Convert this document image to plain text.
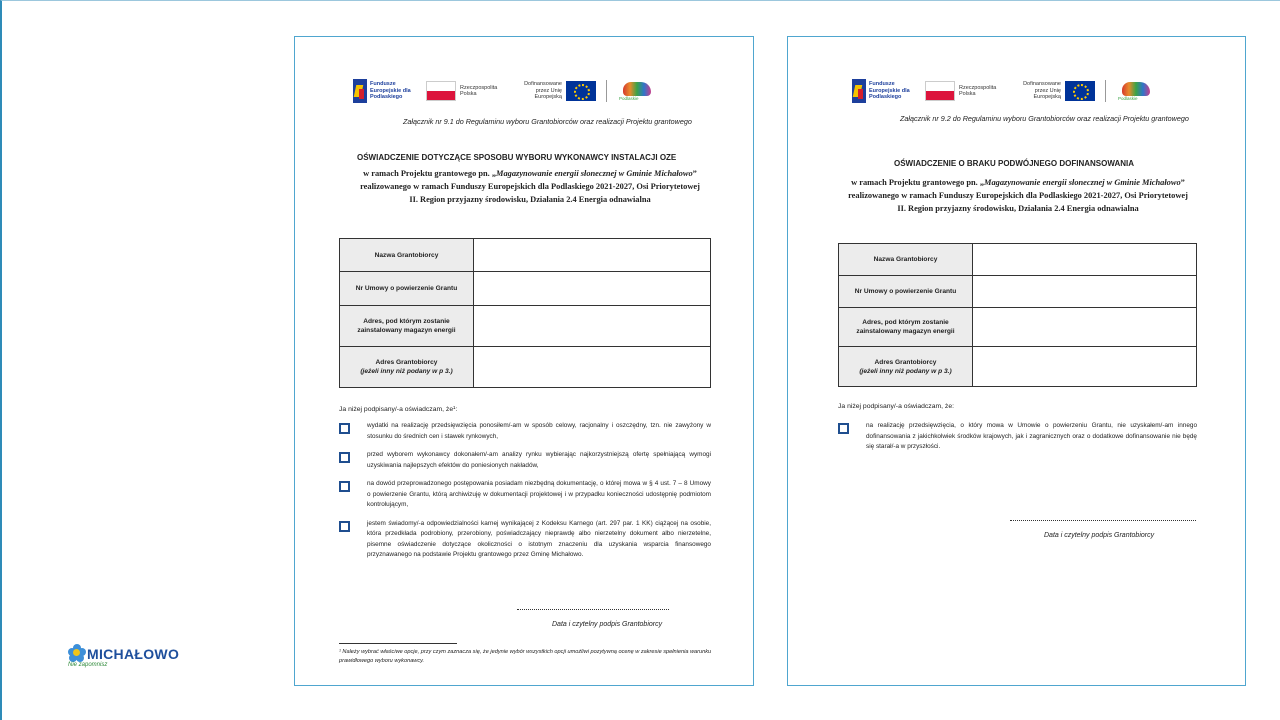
Fundusze Europejskie dla Podlaskiego
Rzeczpospolita Polska
Dofinansowane przez Unię Europejską	Podlaskie
Załącznik nr 9.1 do Regulaminu wyboru Grantobiorców oraz realizacji Projektu grantowego
OŚWIADCZENIE DOTYCZĄCE SPOSOBU WYBORU WYKONAWCY INSTALACJI OZE
w ramach Projektu grantowego pn. „Magazynowanie energii słonecznej w Gminie Michałowo” realizowanego w ramach Funduszy Europejskich dla Podlaskiego 2021-2027, Osi Priorytetowej II. Region przyjazny środowisku, Działania 2.4 Energia odnawialna
Nazwa Grantobiorcy	
Nr Umowy o powierzenie Grantu	
Adres, pod którym zostanie zainstalowany magazyn energii	
Adres Grantobiorcy
(jeżeli inny niż podany w p 3.)	
Ja niżej podpisany/-a oświadczam, że¹:
wydatki na realizację przedsięwzięcia ponosiłem/-am w sposób celowy, racjonalny i oszczędny, tzn. nie zawyżony w stosunku do średnich cen i stawek rynkowych,
przed wyborem wykonawcy dokonałem/-am analizy rynku wybierając najkorzystniejszą ofertę spełniającą wymogi uzyskiwania najlepszych efektów do poniesionych nakładów,
na dowód przeprowadzonego postępowania posiadam niezbędną dokumentację, o której mowa w § 4 ust. 7 – 8 Umowy o powierzenie Grantu, którą archiwizuję w dokumentacji projektowej i w przypadku konieczności udostępnię podmiotom kontrolującym,
jestem świadomy/-a odpowiedzialności karnej wynikającej z Kodeksu Karnego (art. 297 par. 1 KK) ciążącej na osobie, która przedkłada podrobiony, przerobiony, poświadczający nieprawdę albo nierzetelny dokument albo nierzetelne, pisemne oświadczenie dotyczące okoliczności o istotnym znaczeniu dla uzyskania wsparcia finansowego przyznawanego na podstawie Projektu grantowego przez Gminę Michałowo.
Data i czytelny podpis Grantobiorcy
¹ Należy wybrać właściwe opcje, przy czym zaznacza się, że jedynie wybór wszystkich opcji umożliwi pozytywną ocenę w zakresie spełnienia warunku prawidłowego wyboru wykonawcy.
Fundusze Europejskie dla Podlaskiego
Rzeczpospolita Polska
Dofinansowane przez Unię Europejską	Podlaskie
Załącznik nr 9.2 do Regulaminu wyboru Grantobiorców oraz realizacji Projektu grantowego
OŚWIADCZENIE O BRAKU PODWÓJNEGO DOFINANSOWANIA
w ramach Projektu grantowego pn. „Magazynowanie energii słonecznej w Gminie Michałowo” realizowanego w ramach Funduszy Europejskich dla Podlaskiego 2021-2027, Osi Priorytetowej II. Region przyjazny środowisku, Działania 2.4 Energia odnawialna
Nazwa Grantobiorcy	
Nr Umowy o powierzenie Grantu	
Adres, pod którym zostanie zainstalowany magazyn energii	
Adres Grantobiorcy
(jeżeli inny niż podany w p 3.)	
Ja niżej podpisany/-a oświadczam, że:
na realizację przedsięwzięcia, o który mowa w Umowie o powierzeniu Grantu, nie uzyskałem/-am innego dofinansowania z jakichkolwiek środków krajowych, jak i zagranicznych oraz o dodatkowe dofinansowanie nie będę się starał/-a w przyszłości.
Data i czytelny podpis Grantobiorcy
MICHAŁOWO
Nie zapomnisz
